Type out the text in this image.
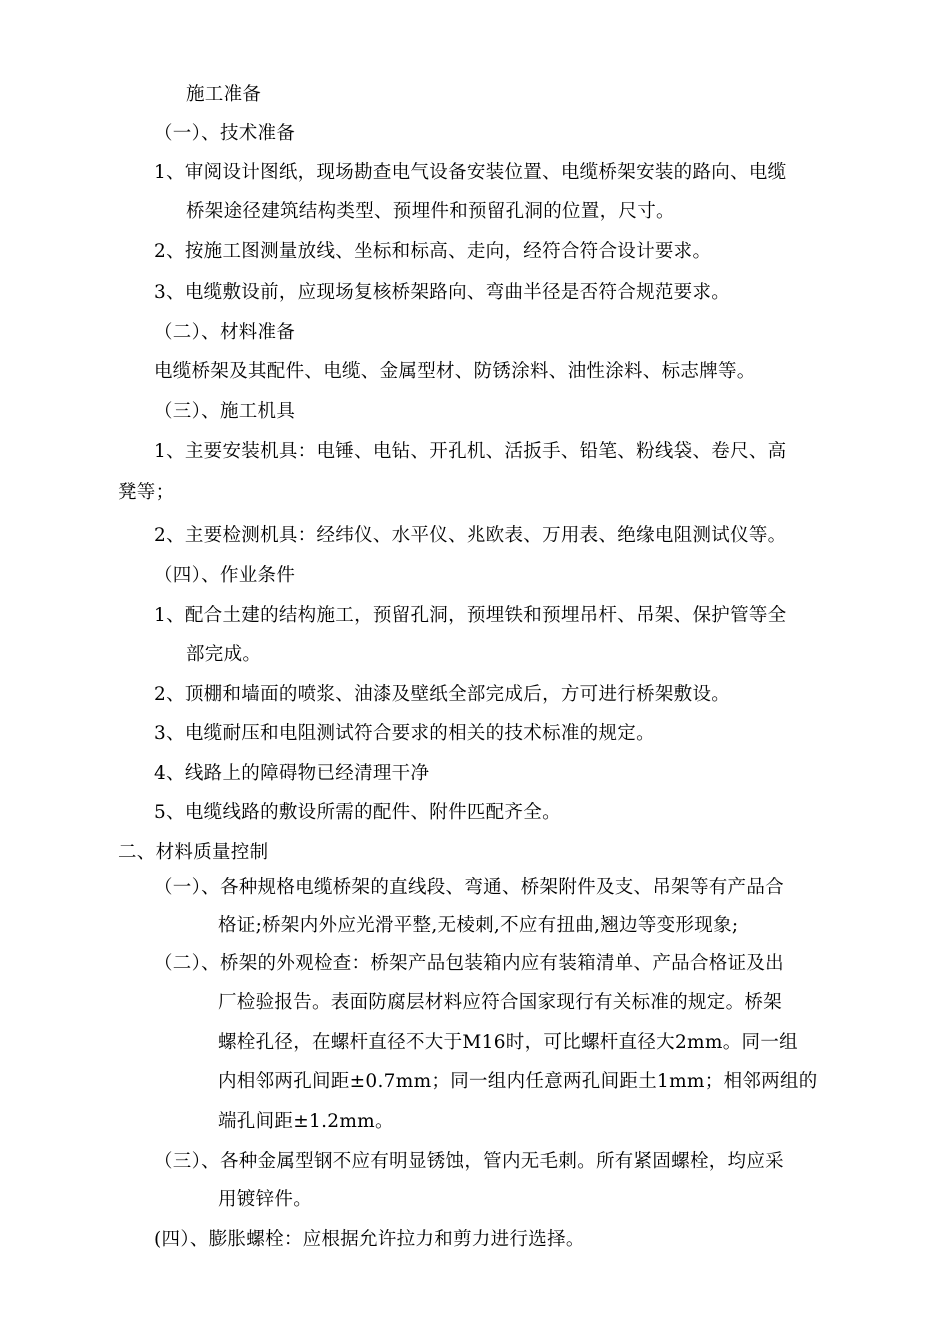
施工准备
（一）、技术准备
1、审阅设计图纸，现场勘查电气设备安装位置、电缆桥架安装的路向、电缆
桥架途径建筑结构类型、预埋件和预留孔洞的位置，尺寸。
2、按施工图测量放线、坐标和标高、走向，经符合符合设计要求。
3、电缆敷设前，应现场复核桥架路向、弯曲半径是否符合规范要求。
（二）、材料准备
电缆桥架及其配件、电缆、金属型材、防锈涂料、油性涂料、标志牌等。
（三）、施工机具
1、主要安装机具：电锤、电钻、开孔机、活扳手、铅笔、粉线袋、卷尺、高
凳等；
2、主要检测机具：经纬仪、水平仪、兆欧表、万用表、绝缘电阻测试仪等。
（四）、作业条件
1、配合土建的结构施工，预留孔洞，预埋铁和预埋吊杆、吊架、保护管等全
部完成。
2、顶棚和墙面的喷浆、油漆及壁纸全部完成后，方可进行桥架敷设。
3、电缆耐压和电阻测试符合要求的相关的技术标准的规定。
4、线路上的障碍物已经清理干净
5、电缆线路的敷设所需的配件、附件匹配齐全。
二、材料质量控制
（一）、各种规格电缆桥架的直线段、弯通、桥架附件及支、吊架等有产品合
格证;桥架内外应光滑平整,无棱刺,不应有扭曲,翘边等变形现象;
（二）、桥架的外观检查：桥架产品包装箱内应有装箱清单、产品合格证及出
厂检验报告。表面防腐层材料应符合国家现行有关标准的规定。桥架
螺栓孔径，在螺杆直径不大于M16时，可比螺杆直径大2mm。同一组
内相邻两孔间距±0.7mm；同一组内任意两孔间距土1mm；相邻两组的
端孔间距±1.2mm。
（三）、各种金属型钢不应有明显锈蚀，管内无毛刺。所有紧固螺栓，均应采
用镀锌件。
(四）、膨胀螺栓：应根据允许拉力和剪力进行选择。
